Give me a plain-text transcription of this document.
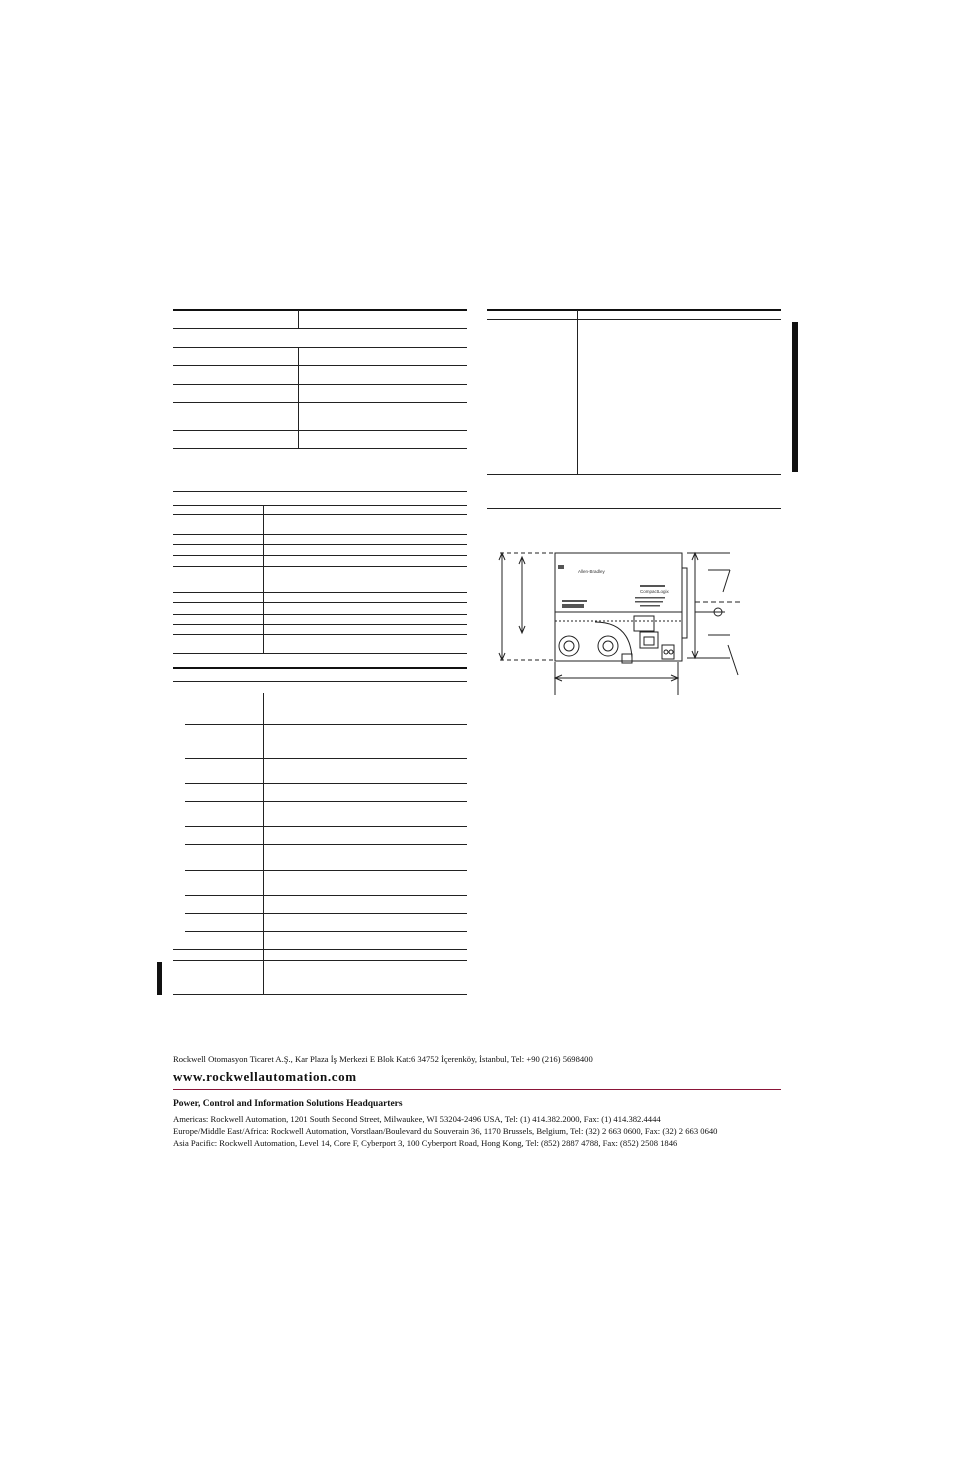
Allen-Bradley
CompactLogix
Rockwell Otomasyon Ticaret A.Ş., Kar Plaza İş Merkezi E Blok Kat:6 34752 İçerenköy, İstanbul, Tel: +90 (216) 5698400
www.rockwellautomation.com
Power, Control and Information Solutions Headquarters
Americas: Rockwell Automation, 1201 South Second Street, Milwaukee, WI 53204-2496 USA, Tel: (1) 414.382.2000, Fax: (1) 414.382.4444
Europe/Middle East/Africa: Rockwell Automation, Vorstlaan/Boulevard du Souverain 36, 1170 Brussels, Belgium, Tel: (32) 2 663 0600, Fax: (32) 2 663 0640
Asia Pacific: Rockwell Automation, Level 14, Core F, Cyberport 3, 100 Cyberport Road, Hong Kong, Tel: (852) 2887 4788, Fax: (852) 2508 1846
